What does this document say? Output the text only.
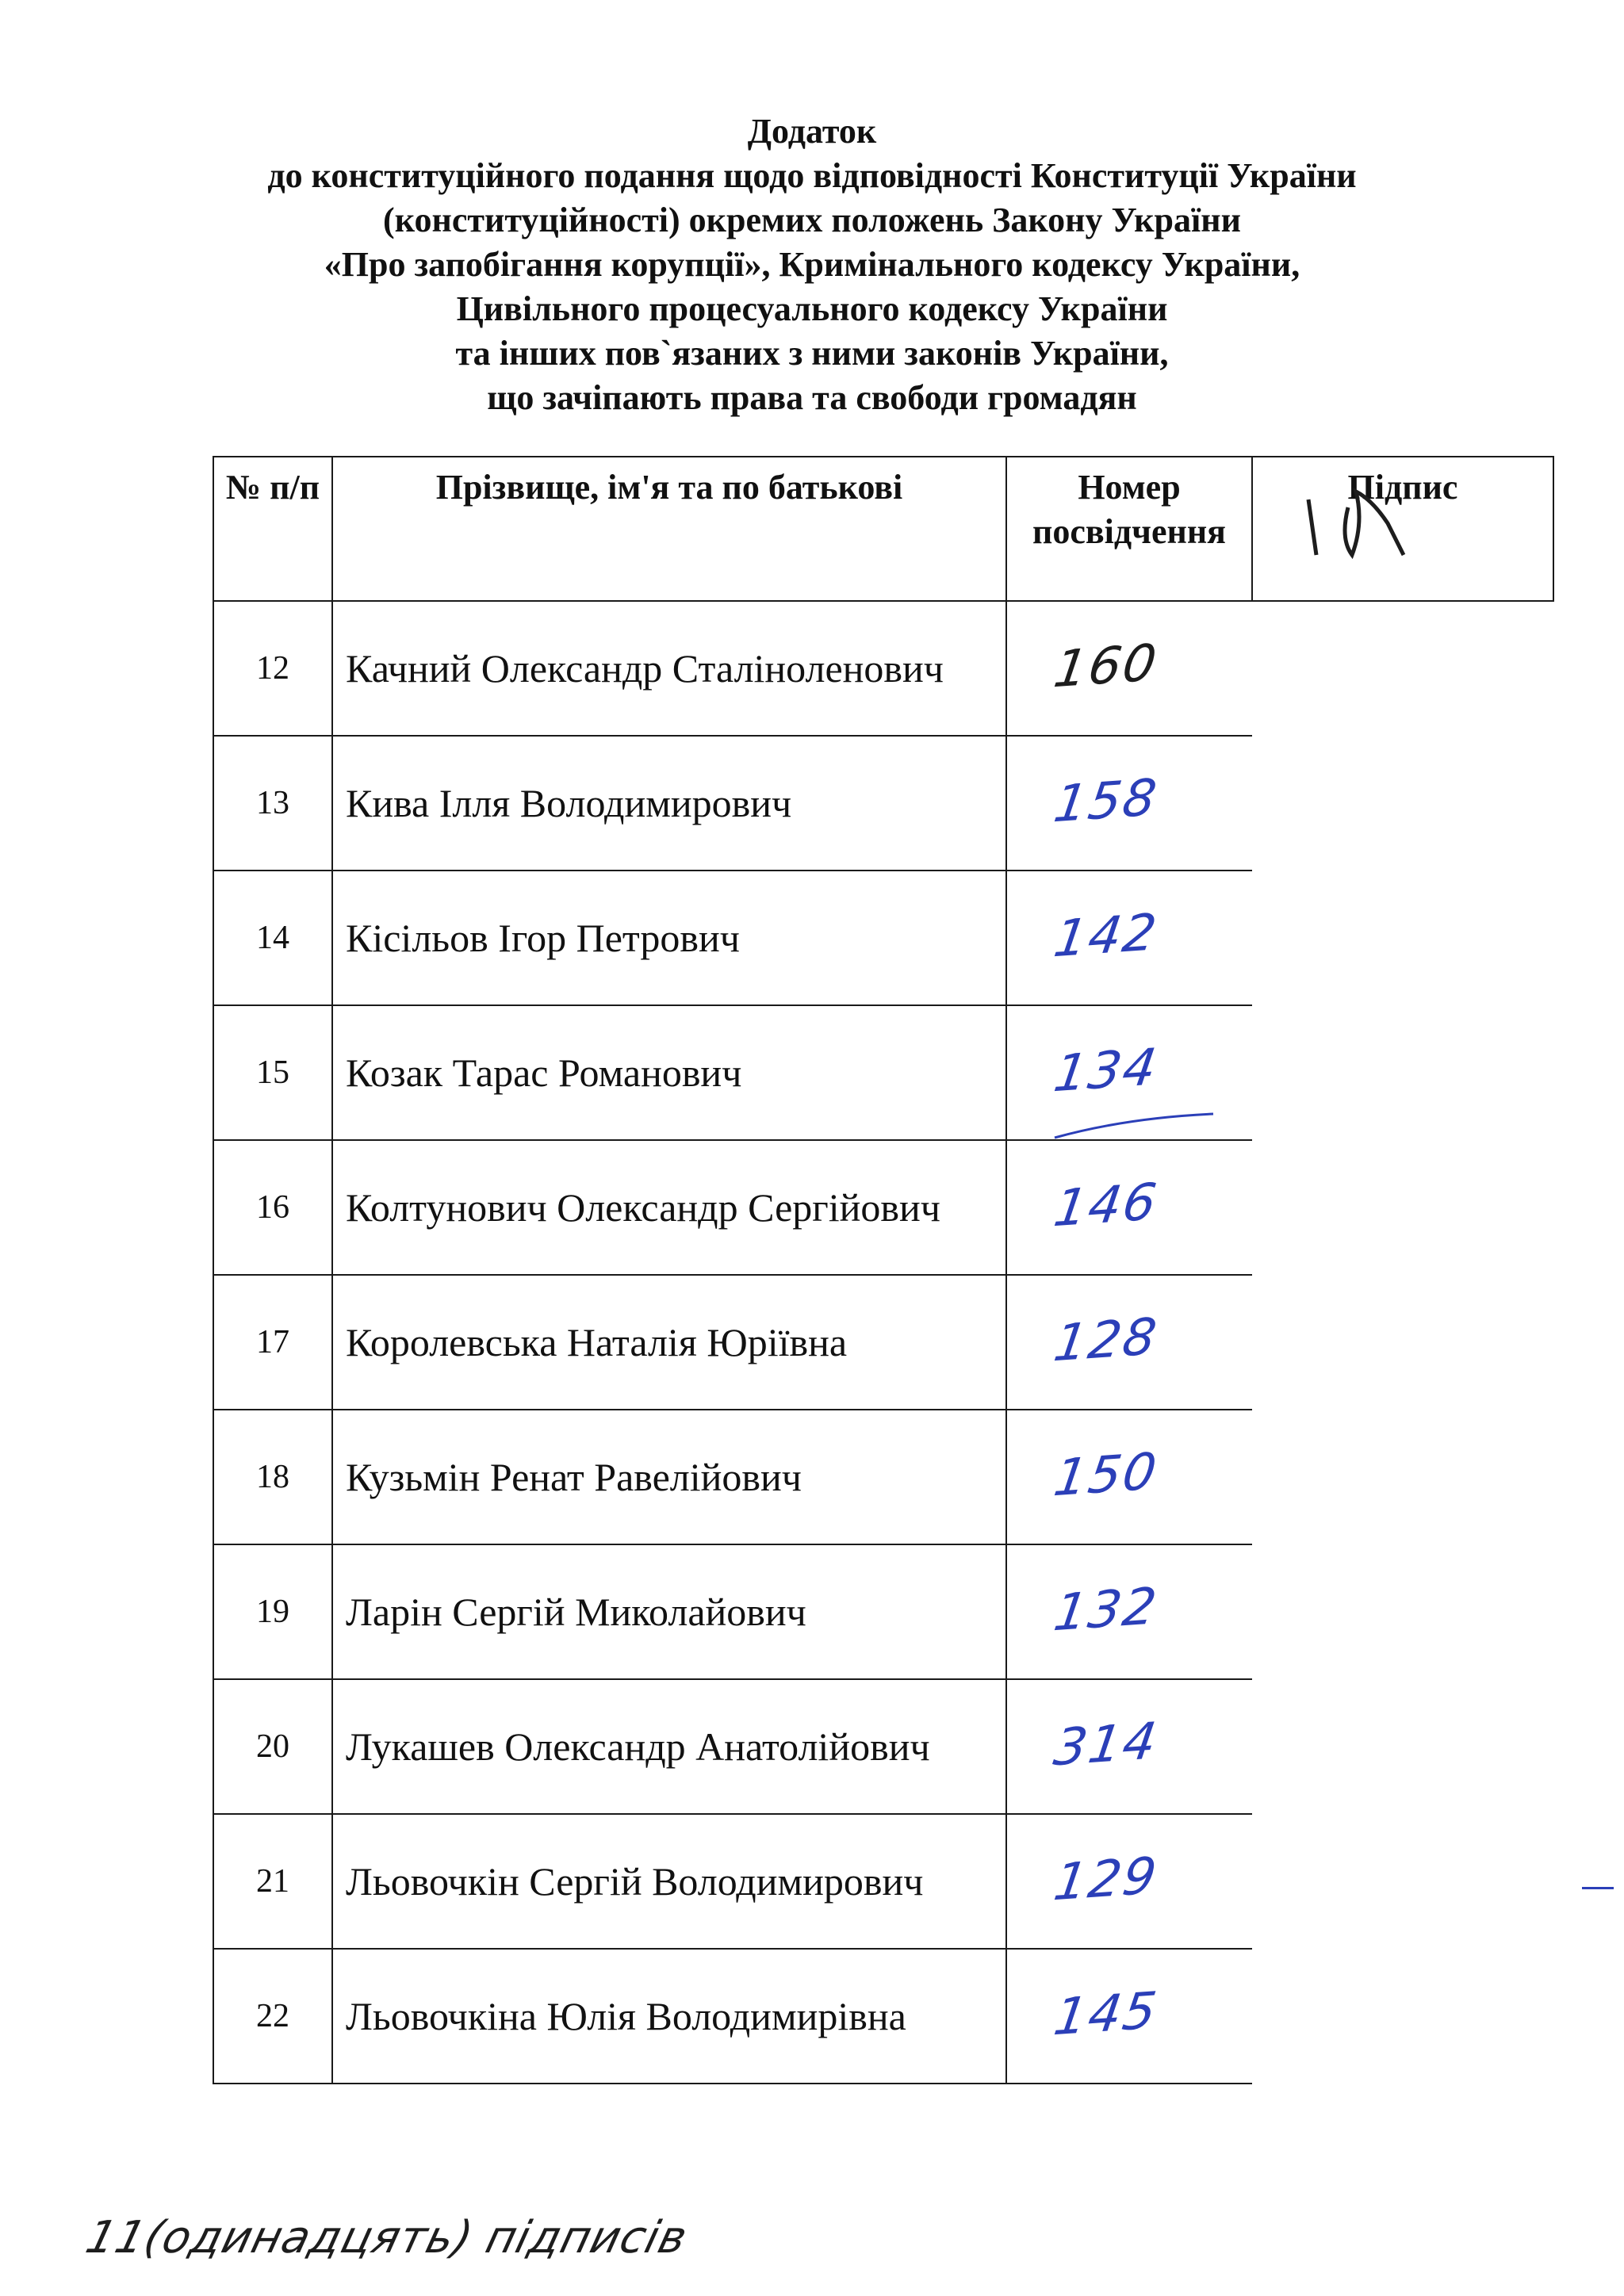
Додаток
до конституційного подання щодо відповідності Конституції України
(конституційності) окремих положень Закону України
«Про запобігання корупції», Кримінального кодексу України,
Цивільного процесуального кодексу України
та інших пов`язаних з ними законів України,
що зачіпають права та свободи громадян
№ п/п	Прізвище, ім'я та по батькові	Номер посвідчення	Підпис
12	Качний Олександр Сталіноленович	160	
13	Кива Ілля Володимирович	158	
14	Кісільов Ігор Петрович	142	
15	Козак Тарас Романович	134	
16	Колтунович Олександр Сергійович	146	
17	Королевська Наталія Юріївна	128	
18	Кузьмін Ренат Равелійович	150	
19	Ларін Сергій Миколайович	132	
20	Лукашев Олександр Анатолійович	314	
21	Льовочкін Сергій Володимирович	129	
22	Льовочкіна Юлія Володимирівна	145	
11(одинадцять) підписів
